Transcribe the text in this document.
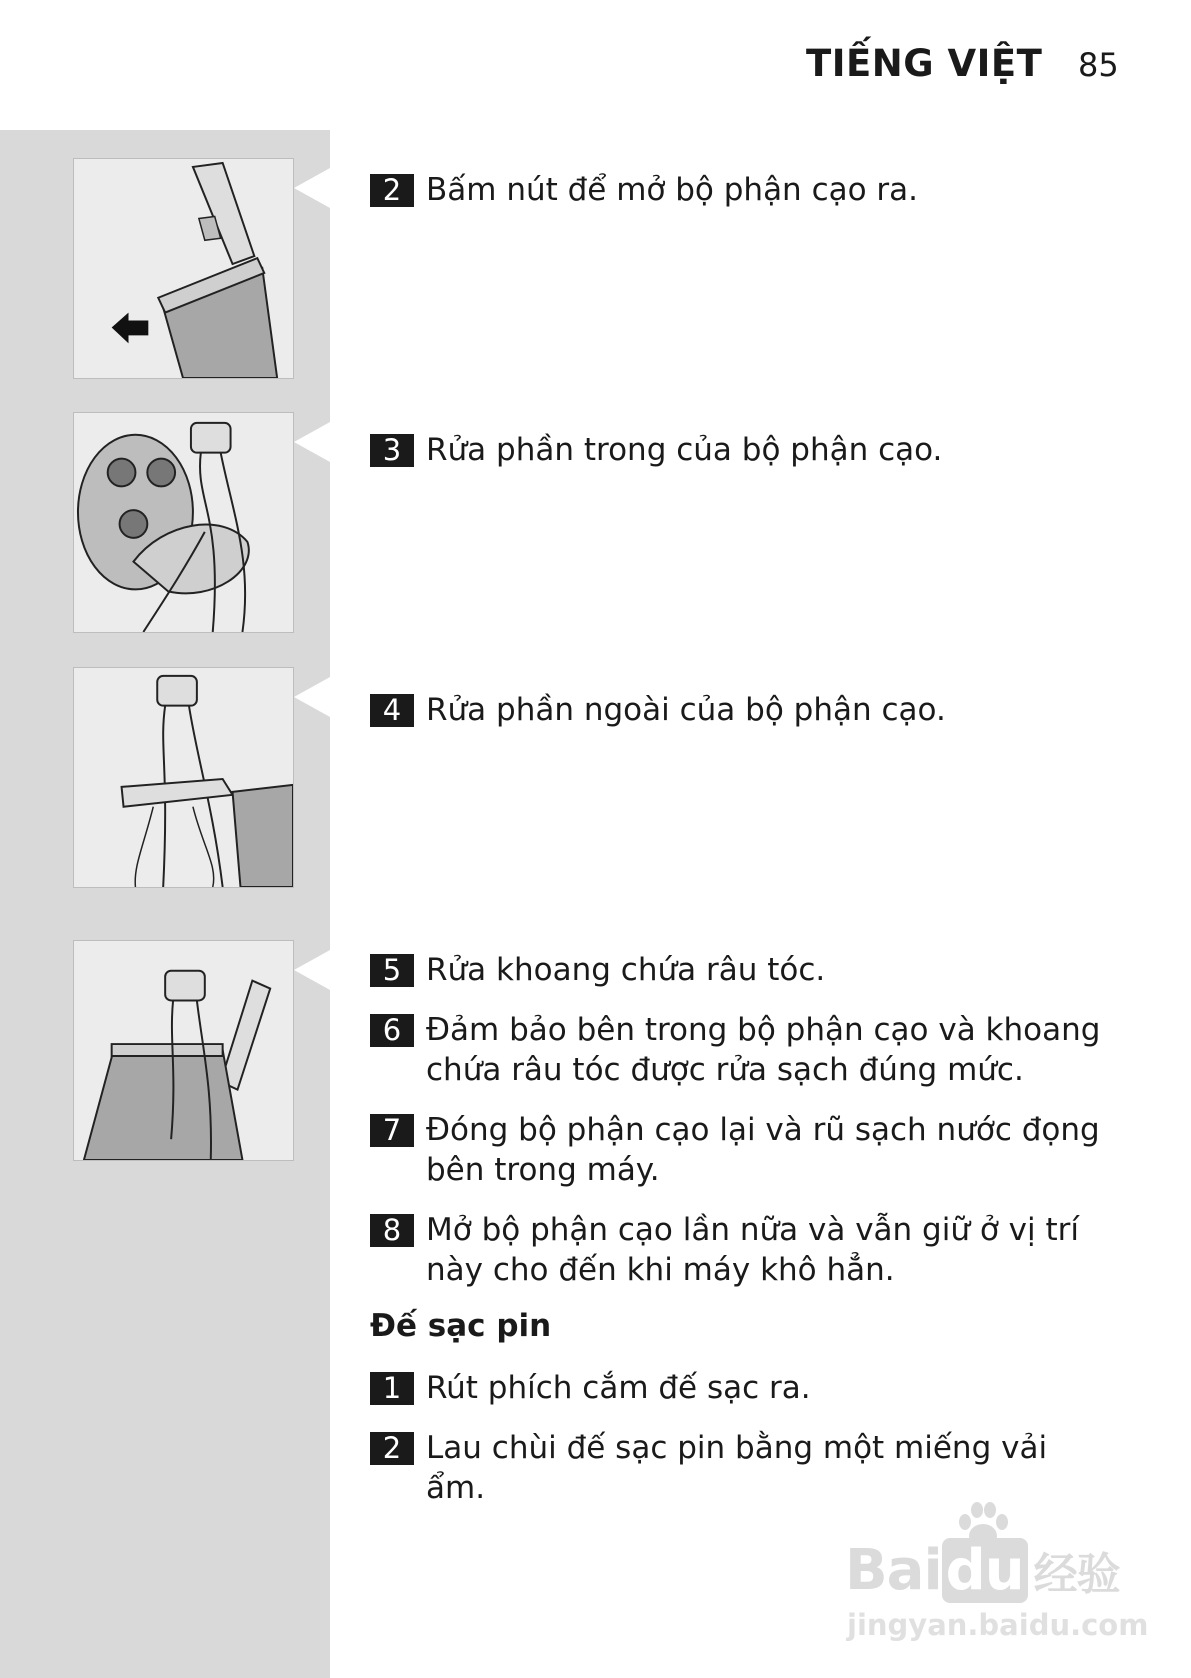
TIẾNG VIỆT 85
2 Bấm nút để mở bộ phận cạo ra.
3 Rửa phần trong của bộ phận cạo.
4 Rửa phần ngoài của bộ phận cạo.
5 Rửa khoang chứa râu tóc.
6 Đảm bảo bên trong bộ phận cạo và khoang chứa râu tóc được rửa sạch đúng mức.
7 Đóng bộ phận cạo lại và rũ sạch nước đọng bên trong máy.
8 Mở bộ phận cạo lần nữa và vẫn giữ ở vị trí này cho đến khi máy khô hẳn.
Đế sạc pin
1 Rút phích cắm đế sạc ra.
2 Lau chùi đế sạc pin bằng một miếng vải ẩm.
Baidu 经验
jingyan.baidu.com
